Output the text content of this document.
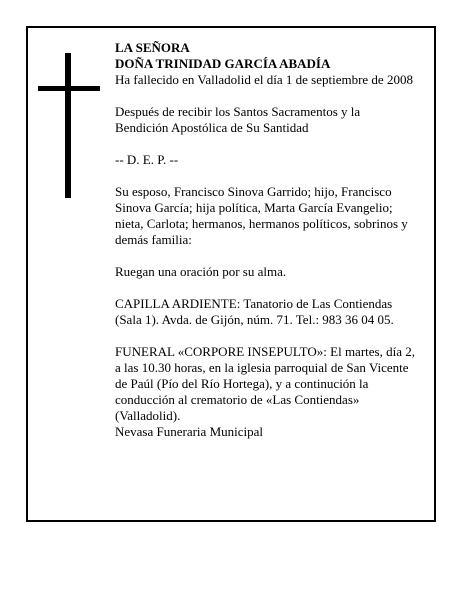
LA SEÑORA

DOÑA TRINIDAD GARCÍA ABADÍA

Ha fallecido en Valladolid el día 1 de septiembre de 2008

Después de recibir los Santos Sacramentos y la Bendición Apostólica de Su Santidad

-- D. E. P. --

Su esposo, Francisco Sinova Garrido; hijo, Francisco Sinova García; hija política, Marta García Evangelio; nieta, Carlota; hermanos, hermanos políticos, sobrinos y demás familia:

Ruegan una oración por su alma.

CAPILLA ARDIENTE: Tanatorio de Las Contiendas (Sala 1). Avda. de Gijón, núm. 71. Tel.: 983 36 04 05.

FUNERAL «CORPORE INSEPULTO»: El martes, día 2, a las 10.30 horas, en la iglesia parroquial de San Vicente de Paúl (Pío del Río Hortega), y a continución la conducción al crematorio de «Las Contiendas» (Valladolid).

Nevasa Funeraria Municipal
